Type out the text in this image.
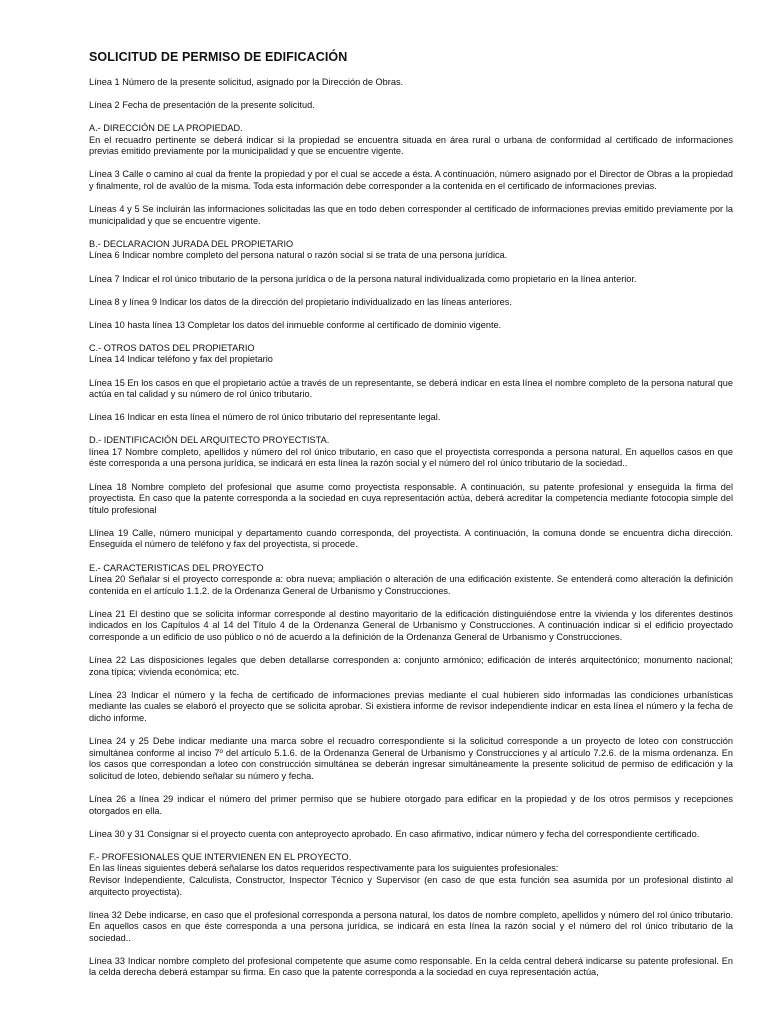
SOLICITUD DE PERMISO DE EDIFICACIÓN
Línea 1 Número de la presente solicitud, asignado por la Dirección de Obras.
Línea 2 Fecha de presentación de la presente solicitud.
A.- DIRECCIÓN DE LA PROPIEDAD.
En el recuadro pertinente se deberá indicar si la propiedad se encuentra situada en área rural o urbana de conformidad al certificado de informaciones previas emitido previamente por la municipalidad y que se encuentre vigente.
Línea 3 Calle o camino al cual da frente la propiedad y por el cual se accede a ésta. A continuación, número asignado por el Director de Obras a la propiedad y finalmente, rol de avalúo de la misma. Toda esta información debe corresponder a la contenida en el certificado de informaciones previas.
Líneas 4 y 5 Se incluirán las informaciones solicitadas las que en todo deben corresponder al certificado de informaciones previas emitido previamente por la municipalidad y que se encuentre vigente.
B.- DECLARACION JURADA DEL PROPIETARIO
Línea 6 Indicar nombre completo del persona natural o razón social si se trata de una persona jurídica.
Línea 7 Indicar el rol único tributario de la persona jurídica o de la persona natural individualizada como propietario en la línea anterior.
Línea 8 y línea 9 Indicar los datos de la dirección del propietario individualizado en las líneas anteriores.
Línea 10 hasta línea 13 Completar los datos del inmueble conforme al certificado de dominio vigente.
C.- OTROS DATOS DEL PROPIETARIO
Línea 14 Indicar teléfono y fax del propietario
Línea 15 En los casos en que el propietario actúe a través de un representante, se deberá indicar en esta línea el nombre completo de la persona natural que actúa en tal calidad y su número de rol único tributario.
Línea 16 Indicar en esta línea el número de rol único tributario del representante legal.
D.- IDENTIFICACIÓN DEL ARQUITECTO PROYECTISTA.
línea 17 Nombre completo, apellidos y número del rol único tributario, en caso que el proyectista corresponda a persona natural. En aquellos casos en que éste corresponda a una persona jurídica, se indicará en esta línea la razón social y el número del rol único tributario de la sociedad..
Línea 18 Nombre completo del profesional que asume como proyectista responsable. A continuación, su patente profesional y enseguida la firma del proyectista. En caso que la patente corresponda a la sociedad en cuya representación actúa, deberá acreditar la competencia mediante fotocopia simple del título profesional
Llínea 19 Calle, número municipal y departamento cuando corresponda, del proyectista. A continuación, la comuna donde se encuentra dicha dirección. Enseguida el número de teléfono y fax del proyectista, si procede.
E.- CARACTERISTICAS DEL PROYECTO
Línea 20 Señalar si el proyecto corresponde a: obra nueva; ampliación o alteración de una edificación existente. Se entenderá como alteración la definición contenida en el artículo 1.1.2. de la Ordenanza General de Urbanismo y Construcciones.
Línea 21 El destino que se solicita informar corresponde al destino mayoritario de la edificación distinguiéndose entre la vivienda y los diferentes destinos indicados en los Capítulos 4 al 14 del Título 4 de la Ordenanza General de Urbanismo y Construcciones. A continuación indicar si el edificio proyectado corresponde a un edificio de uso público o nó de acuerdo a la definición de la Ordenanza General de Urbanismo y Construcciones.
Línea 22 Las disposiciones legales que deben detallarse corresponden a: conjunto armónico; edificación de interés arquitectónico; monumento nacional; zona típica; vivienda económica; etc.
Línea 23 Indicar el número y la fecha de certificado de informaciones previas mediante el cual hubieren sido informadas las condiciones urbanísticas mediante las cuales se elaboró el proyecto que se solicita aprobar. Si existiera informe de revisor independiente indicar en esta línea el número y la fecha de dicho informe.
Línea 24 y 25 Debe indicar mediante una marca sobre el recuadro correspondiente si la solicitud corresponde a un proyecto de loteo con construcción simultánea conforme al inciso 7º del artículo 5.1.6. de la Ordenanza General de Urbanismo y Construcciones y al artículo 7.2.6. de la misma ordenanza. En los casos que correspondan a loteo con construcción simultánea se deberán ingresar simultáneamente la presente solicitud de permiso de edificación y la solicitud de loteo, debiendo señalar su número y fecha.
Línea 26 a línea 29 indicar el número del primer permiso que se hubiere otorgado para edificar en la propiedad y de los otros permisos y recepciones otorgados en ella.
Línea 30 y 31 Consignar si el proyecto cuenta con anteproyecto aprobado. En caso afirmativo, indicar número y fecha del correspondiente certificado.
F.- PROFESIONALES QUE INTERVIENEN EN EL PROYECTO.
En las líneas siguientes deberá señalarse los datos requeridos respectivamente para los suiguientes profesionales:
Revisor Independiente, Calculista, Constructor, Inspector Técnico y Supervisor (en caso de que esta función sea asumida por un profesional distinto al arquitecto proyectista).
línea 32 Debe indicarse, en caso que el profesional corresponda a persona natural, los datos de nombre completo, apellidos y número del rol único tributario. En aquellos casos en que éste corresponda a una persona jurídica, se indicará en esta línea la razón social y el número del rol único tributario de la sociedad..
Línea 33 Indicar nombre completo del profesional competente que asume como responsable. En la celda central deberá indicarse su patente profesional. En la celda derecha deberá estampar su firma. En caso que la patente corresponda a la sociedad en cuya representación actúa,
